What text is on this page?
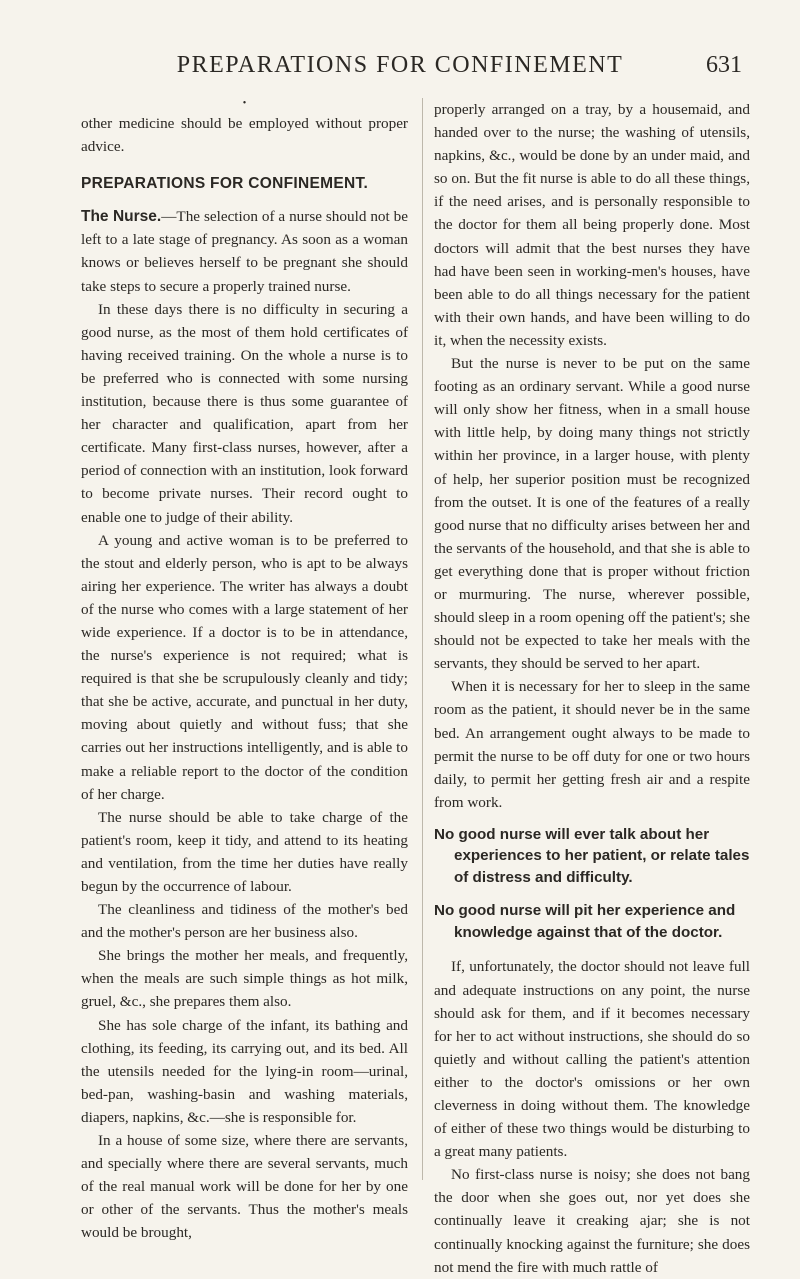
PREPARATIONS FOR CONFINEMENT	631
•

other medicine should be employed without proper advice.

PREPARATIONS FOR CONFINEMENT.

The Nurse.—The selection of a nurse should not be left to a late stage of pregnancy. As soon as a woman knows or believes herself to be pregnant she should take steps to secure a properly trained nurse.

In these days there is no difficulty in securing a good nurse, as the most of them hold certificates of having received training. On the whole a nurse is to be preferred who is connected with some nursing institution, because there is thus some guarantee of her character and qualification, apart from her certificate. Many first-class nurses, however, after a period of connection with an institution, look forward to become private nurses. Their record ought to enable one to judge of their ability.

A young and active woman is to be preferred to the stout and elderly person, who is apt to be always airing her experience. The writer has always a doubt of the nurse who comes with a large statement of her wide experience. If a doctor is to be in attendance, the nurse's experience is not required; what is required is that she be scrupulously cleanly and tidy; that she be active, accurate, and punctual in her duty, moving about quietly and without fuss; that she carries out her instructions intelligently, and is able to make a reliable report to the doctor of the condition of her charge.

The nurse should be able to take charge of the patient's room, keep it tidy, and attend to its heating and ventilation, from the time her duties have really begun by the occurrence of labour.

The cleanliness and tidiness of the mother's bed and the mother's person are her business also.

She brings the mother her meals, and frequently, when the meals are such simple things as hot milk, gruel, &c., she prepares them also.

She has sole charge of the infant, its bathing and clothing, its feeding, its carrying out, and its bed. All the utensils needed for the lying-in room—urinal, bed-pan, washing-basin and washing materials, diapers, napkins, &c.—she is responsible for.

In a house of some size, where there are servants, and specially where there are several servants, much of the real manual work will be done for her by one or other of the servants. Thus the mother's meals would be brought,

properly arranged on a tray, by a housemaid, and handed over to the nurse; the washing of utensils, napkins, &c., would be done by an under maid, and so on. But the fit nurse is able to do all these things, if the need arises, and is personally responsible to the doctor for them all being properly done. Most doctors will admit that the best nurses they have had have been seen in working-men's houses, have been able to do all things necessary for the patient with their own hands, and have been willing to do it, when the necessity exists.

But the nurse is never to be put on the same footing as an ordinary servant. While a good nurse will only show her fitness, when in a small house with little help, by doing many things not strictly within her province, in a larger house, with plenty of help, her superior position must be recognized from the outset. It is one of the features of a really good nurse that no difficulty arises between her and the servants of the household, and that she is able to get everything done that is proper without friction or murmuring. The nurse, wherever possible, should sleep in a room opening off the patient's; she should not be expected to take her meals with the servants, they should be served to her apart.

When it is necessary for her to sleep in the same room as the patient, it should never be in the same bed. An arrangement ought always to be made to permit the nurse to be off duty for one or two hours daily, to permit her getting fresh air and a respite from work.

No good nurse will ever talk about her experiences to her patient, or relate tales of distress and difficulty.
No good nurse will pit her experience and knowledge against that of the doctor.

If, unfortunately, the doctor should not leave full and adequate instructions on any point, the nurse should ask for them, and if it becomes necessary for her to act without instructions, she should do so quietly and without calling the patient's attention either to the doctor's omissions or her own cleverness in doing without them. The knowledge of either of these two things would be disturbing to a great many patients.

No first-class nurse is noisy; she does not bang the door when she goes out, nor yet does she continually leave it creaking ajar; she is not continually knocking against the furniture; she does not mend the fire with much rattle of
